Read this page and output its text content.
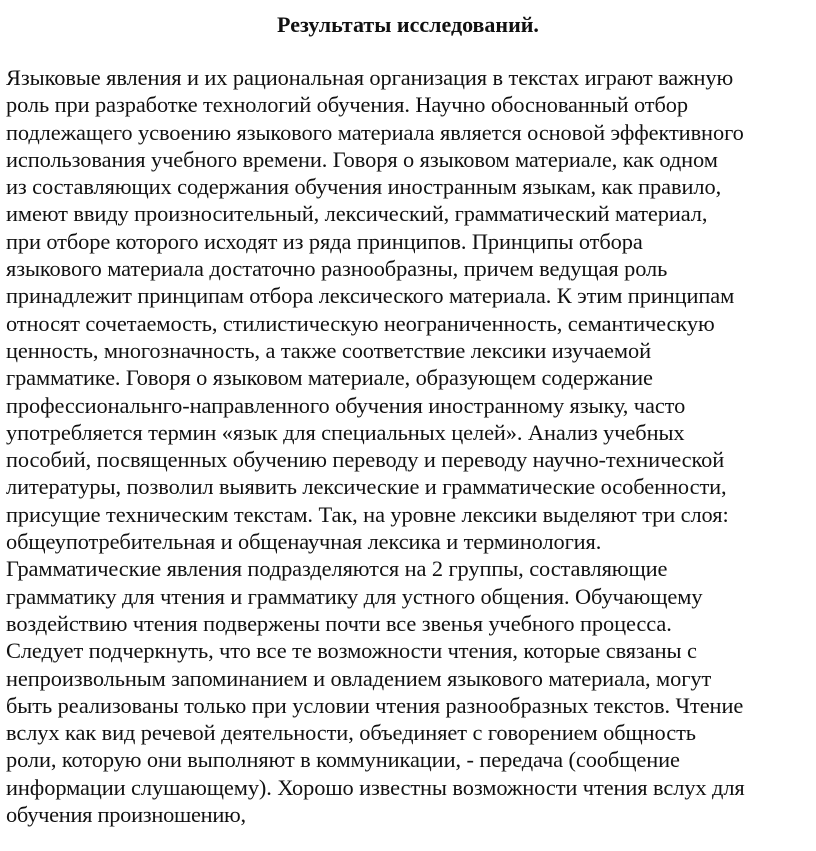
Результаты исследований.
Языковые явления и их рациональная организация в текстах играют важную
роль при разработке технологий обучения. Научно обоснованный отбор
подлежащего усвоению языкового материала является основой эффективного
использования учебного времени. Говоря о языковом материале, как одном
из составляющих содержания обучения иностранным языкам, как правило,
имеют ввиду произносительный, лексический, грамматический материал,
при отборе которого исходят из ряда принципов. Принципы отбора
языкового материала достаточно разнообразны, причем ведущая роль
принадлежит принципам отбора лексического материала. К этим принципам
относят сочетаемость, стилистическую неограниченность, семантическую
ценность, многозначность, а также соответствие лексики изучаемой
грамматике. Говоря о языковом материале, образующем содержание
профессиональнго-направленного обучения иностранному языку, часто
употребляется термин «язык для специальных целей». Анализ учебных
пособий, посвященных обучению переводу и переводу научно-технической
литературы, позволил выявить лексические и грамматические особенности,
присущие техническим текстам. Так, на уровне лексики выделяют три слоя:
общеупотребительная и общенаучная лексика и терминология.
Грамматические явления подразделяются на 2 группы, составляющие
грамматику для чтения и грамматику для устного общения. Обучающему
воздействию чтения подвержены почти все звенья учебного процесса.
Следует подчеркнуть, что все те возможности чтения, которые связаны с
непроизвольным запоминанием и овладением языкового материала, могут
быть реализованы только при условии чтения разнообразных текстов. Чтение
вслух как вид речевой деятельности, объединяет с говорением общность
роли, которую они выполняют в коммуникации, - передача (сообщение
информации слушающему). Хорошо известны возможности чтения вслух для
обучения произношению,
